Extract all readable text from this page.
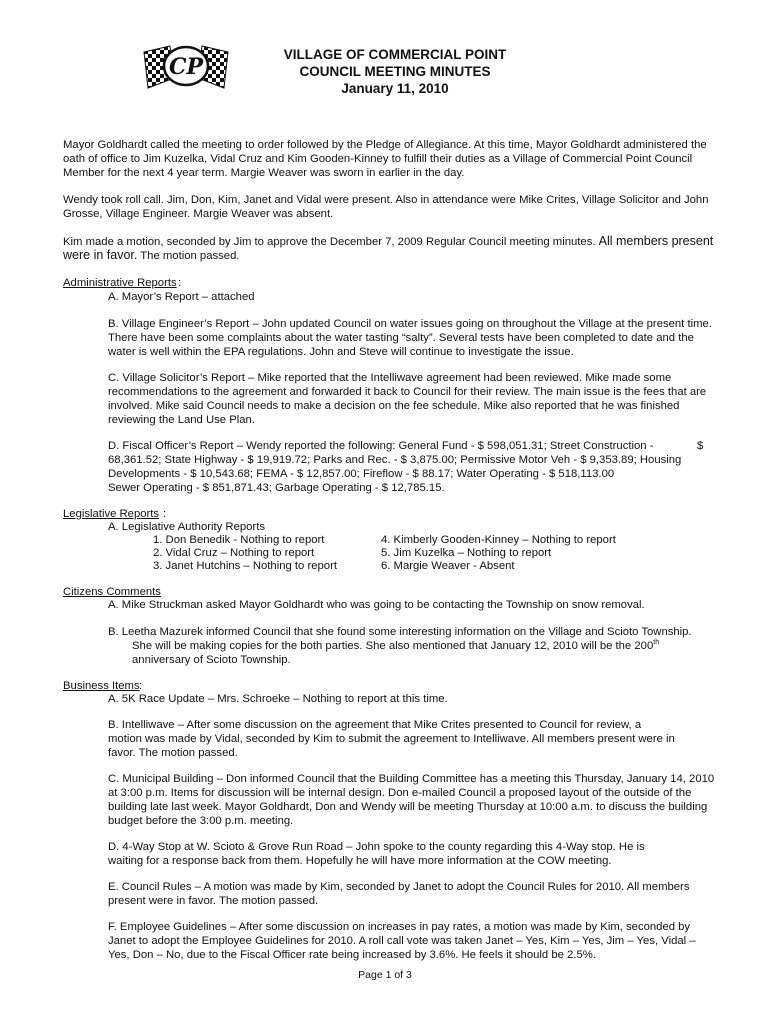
CP	VILLAGE OF COMMERCIAL POINT
COUNCIL MEETING MINUTES
January 11, 2010
Mayor Goldhardt called the meeting to order followed by the Pledge of Allegiance. At this time, Mayor Goldhardt administered the
oath of office to Jim Kuzelka, Vidal Cruz and Kim Gooden-Kinney to fulfill their duties as a Village of Commercial Point Council
Member for the next 4 year term. Margie Weaver was sworn in earlier in the day.
Wendy took roll call. Jim, Don, Kim, Janet and Vidal were present. Also in attendance were Mike Crites, Village Solicitor and John
Grosse, Village Engineer. Margie Weaver was absent.
Kim made a motion, seconded by Jim to approve the December 7, 2009 Regular Council meeting minutes. All members present
were in favor. The motion passed.
Administrative Reports :
A. Mayor’s Report – attached
B. Village Engineer’s Report – John updated Council on water issues going on throughout the Village at the present time.
There have been some complaints about the water tasting “salty”. Several tests have been completed to date and the
water is well within the EPA regulations. John and Steve will continue to investigate the issue.
C. Village Solicitor’s Report – Mike reported that the Intelliwave agreement had been reviewed. Mike made some
recommendations to the agreement and forwarded it back to Council for their review. The main issue is the fees that are
involved. Mike said Council needs to make a decision on the fee schedule. Mike also reported that he was finished
reviewing the Land Use Plan.
D. Fiscal Officer’s Report – Wendy reported the following: General Fund - $ 598,051.31; Street Construction -	$
68,361.52; State Highway - $ 19,919.72; Parks and Rec. - $ 3,875.00; Permissive Motor Veh - $ 9,353.89; Housing
Developments - $ 10,543.68; FEMA - $ 12,857.00; Fireflow - $ 88.17; Water Operating - $ 518,113.00
Sewer Operating - $ 851,871.43; Garbage Operating - $ 12,785.15.
Legislative Reports :
A. Legislative Authority Reports
1. Don Benedik - Nothing to report
2. Vidal Cruz – Nothing to report
3. Janet Hutchins – Nothing to report
4. Kimberly Gooden-Kinney – Nothing to report
5. Jim Kuzelka – Nothing to report
6. Margie Weaver - Absent
Citizens Comments
A. Mike Struckman asked Mayor Goldhardt who was going to be contacting the Township on snow removal.
B. Leetha Mazurek informed Council that she found some interesting information on the Village and Scioto Township.
She will be making copies for the both parties. She also mentioned that January 12, 2010 will be the 200th
anniversary of Scioto Township.
Business Items :
A. 5K Race Update – Mrs. Schroeke – Nothing to report at this time.
B. Intelliwave – After some discussion on the agreement that Mike Crites presented to Council for review, a
motion was made by Vidal, seconded by Kim to submit the agreement to Intelliwave. All members present were in
favor. The motion passed.
C. Municipal Building – Don informed Council that the Building Committee has a meeting this Thursday, January 14, 2010
at 3:00 p.m. Items for discussion will be internal design. Don e-mailed Council a proposed layout of the outside of the
building late last week. Mayor Goldhardt, Don and Wendy will be meeting Thursday at 10:00 a.m. to discuss the building
budget before the 3:00 p.m. meeting.
D. 4-Way Stop at W. Scioto & Grove Run Road – John spoke to the county regarding this 4-Way stop. He is
waiting for a response back from them. Hopefully he will have more information at the COW meeting.
E. Council Rules – A motion was made by Kim, seconded by Janet to adopt the Council Rules for 2010. All members
present were in favor. The motion passed.
F. Employee Guidelines – After some discussion on increases in pay rates, a motion was made by Kim, seconded by
Janet to adopt the Employee Guidelines for 2010. A roll call vote was taken Janet – Yes, Kim – Yes, Jim – Yes, Vidal –
Yes, Don – No, due to the Fiscal Officer rate being increased by 3.6%. He feels it should be 2.5%.
Page 1 of 3
